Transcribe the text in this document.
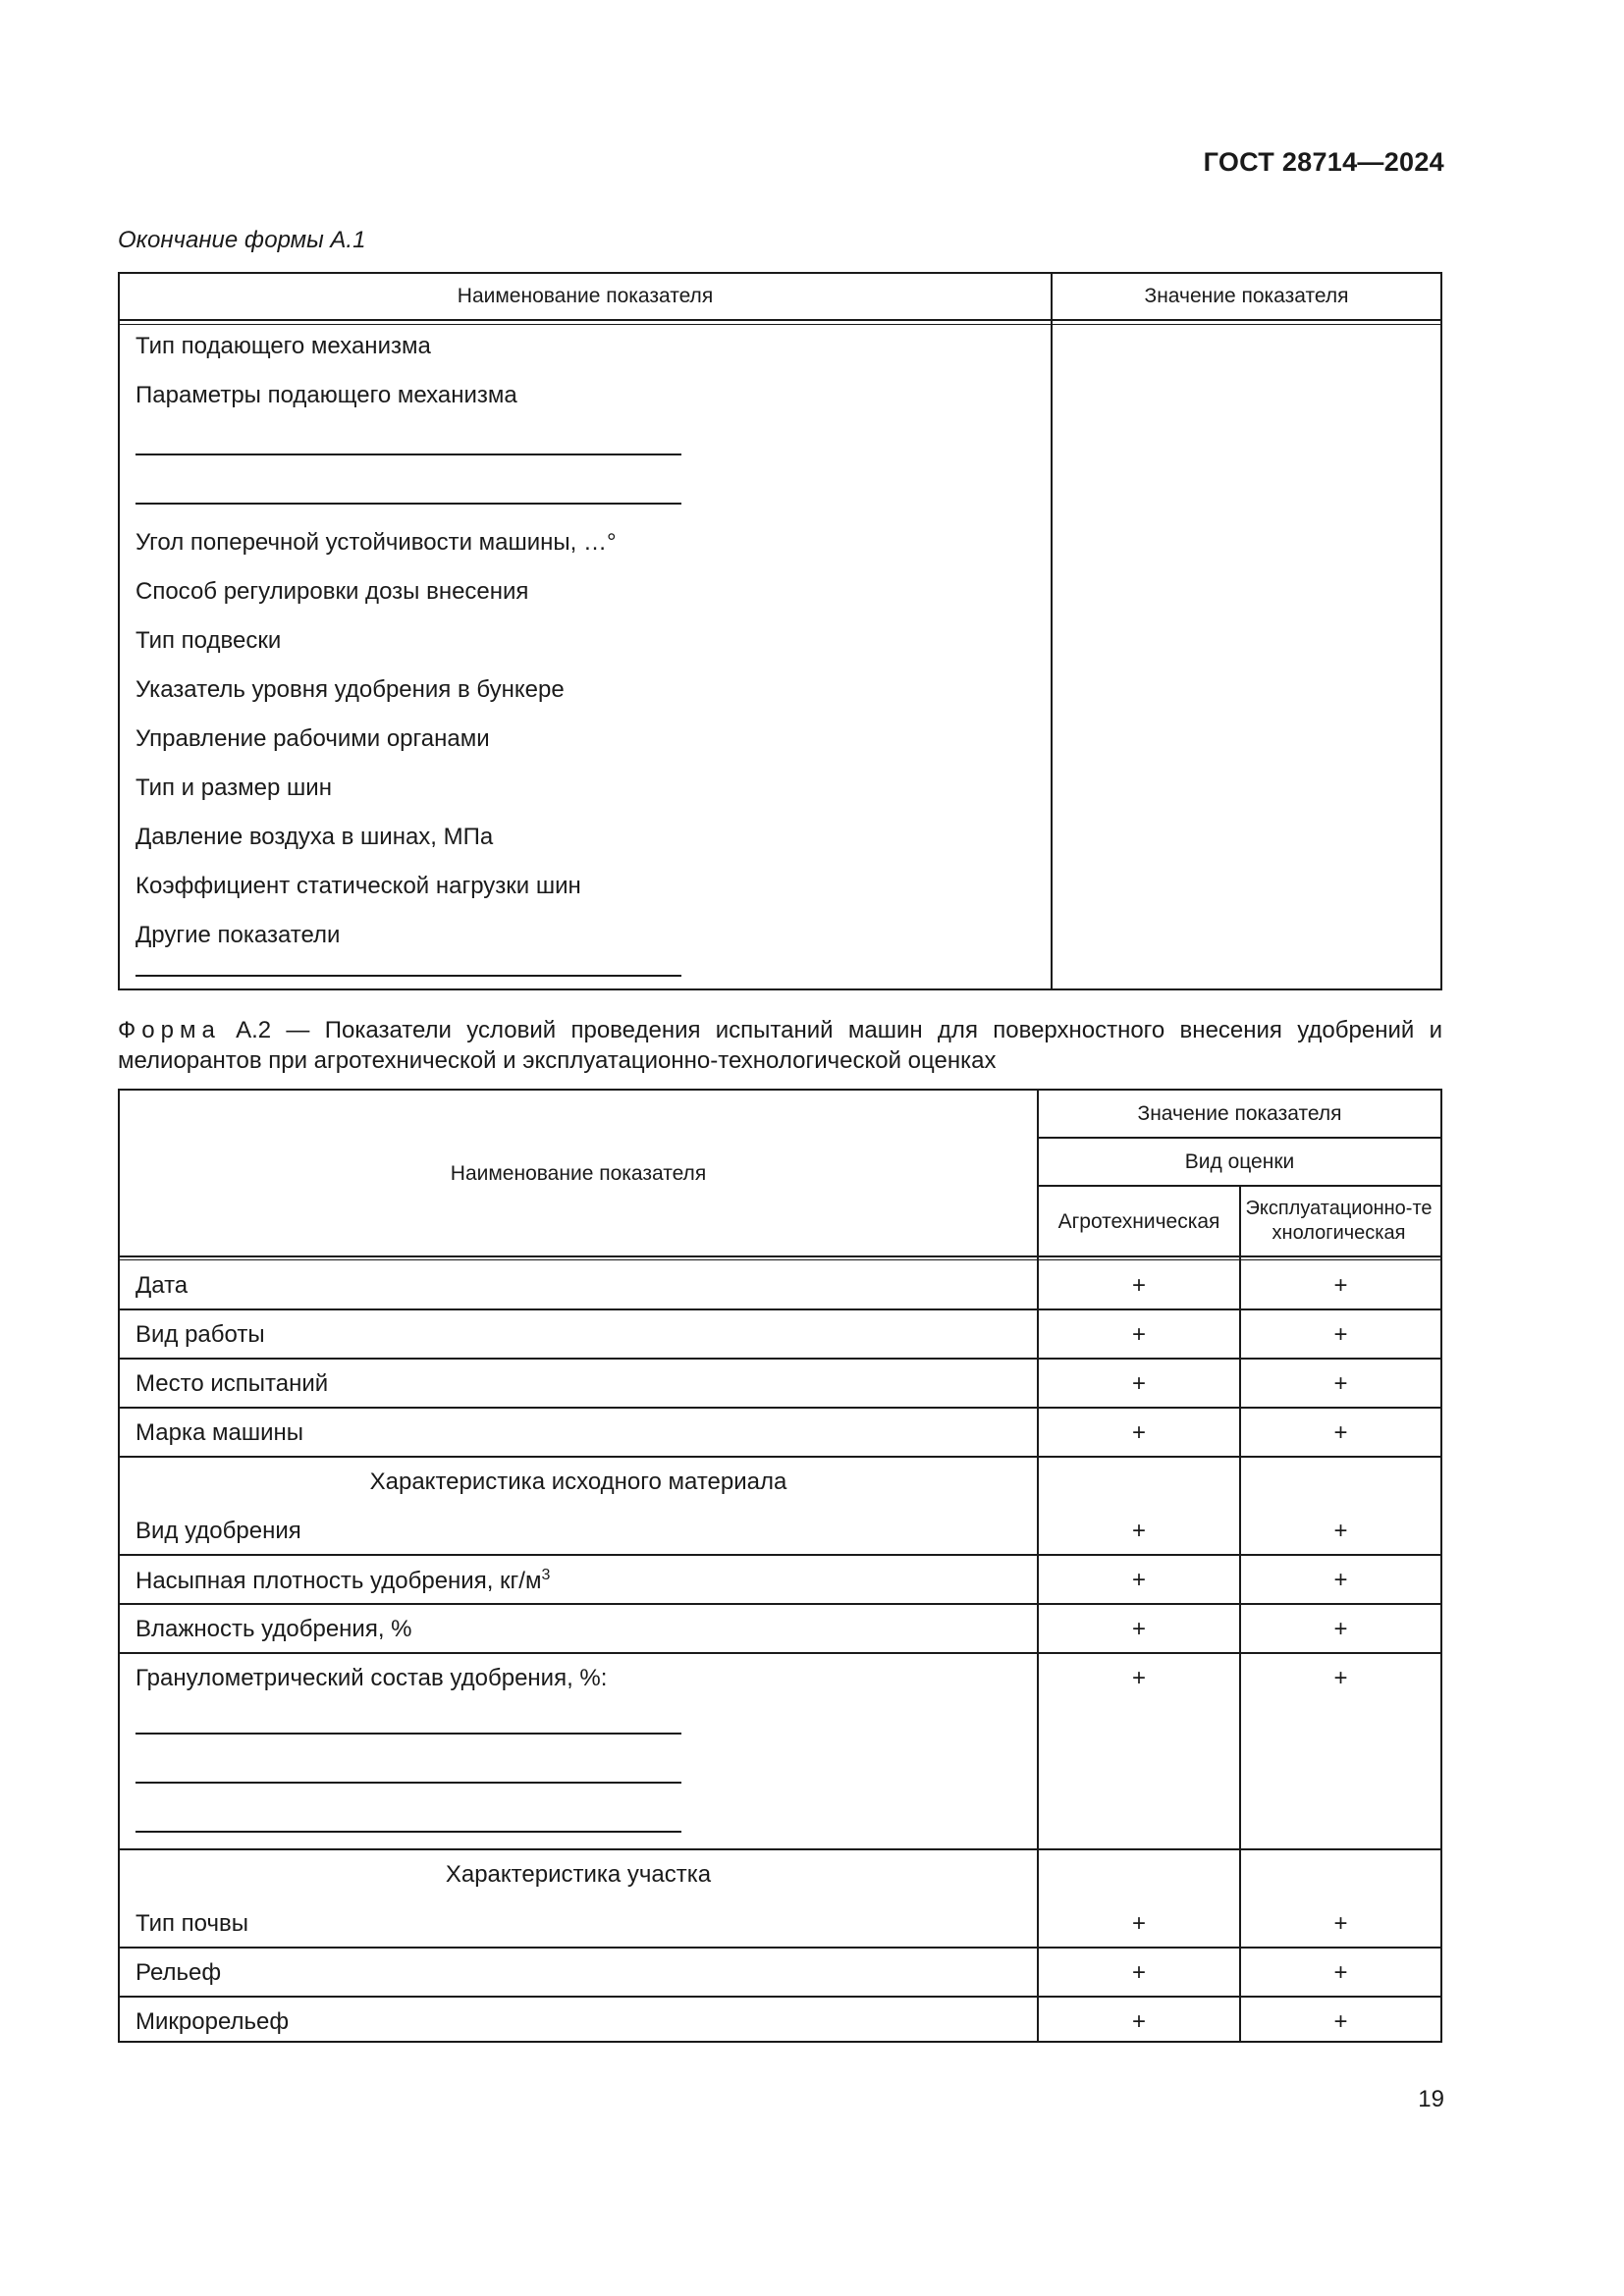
ГОСТ 28714—2024
Окончание формы А.1
Наименование показателя	Значение показателя
Тип подающего механизма
Параметры подающего механизма
Угол поперечной устойчивости машины, …°
Способ регулировки дозы внесения
Тип подвески
Указатель уровня удобрения в бункере
Управление рабочими органами
Тип и размер шин
Давление воздуха в шинах, МПа
Коэффициент статической нагрузки шин
Другие показатели
Форма А.2 — Показатели условий проведения испытаний машин для поверхностного внесения удобрений и мелиорантов при агротехнической и эксплуатационно-технологической оценках
Наименование показателя
Значение показателя
Вид оценки
Агротехническая
Эксплуатационно-технологическая
Дата
Вид работы
Место испытаний
Марка машины
Характеристика исходного материала
Вид удобрения
Насыпная плотность удобрения, $кг/м^3$
Влажность удобрения, %
Гранулометрический состав удобрения, %:
Характеристика участка
Тип почвы
Рельеф
Микрорельеф
+
+
+
+
+
+
+
+
+
+
+
+
+
+
+
+
+
+
+
+
+
+
19
